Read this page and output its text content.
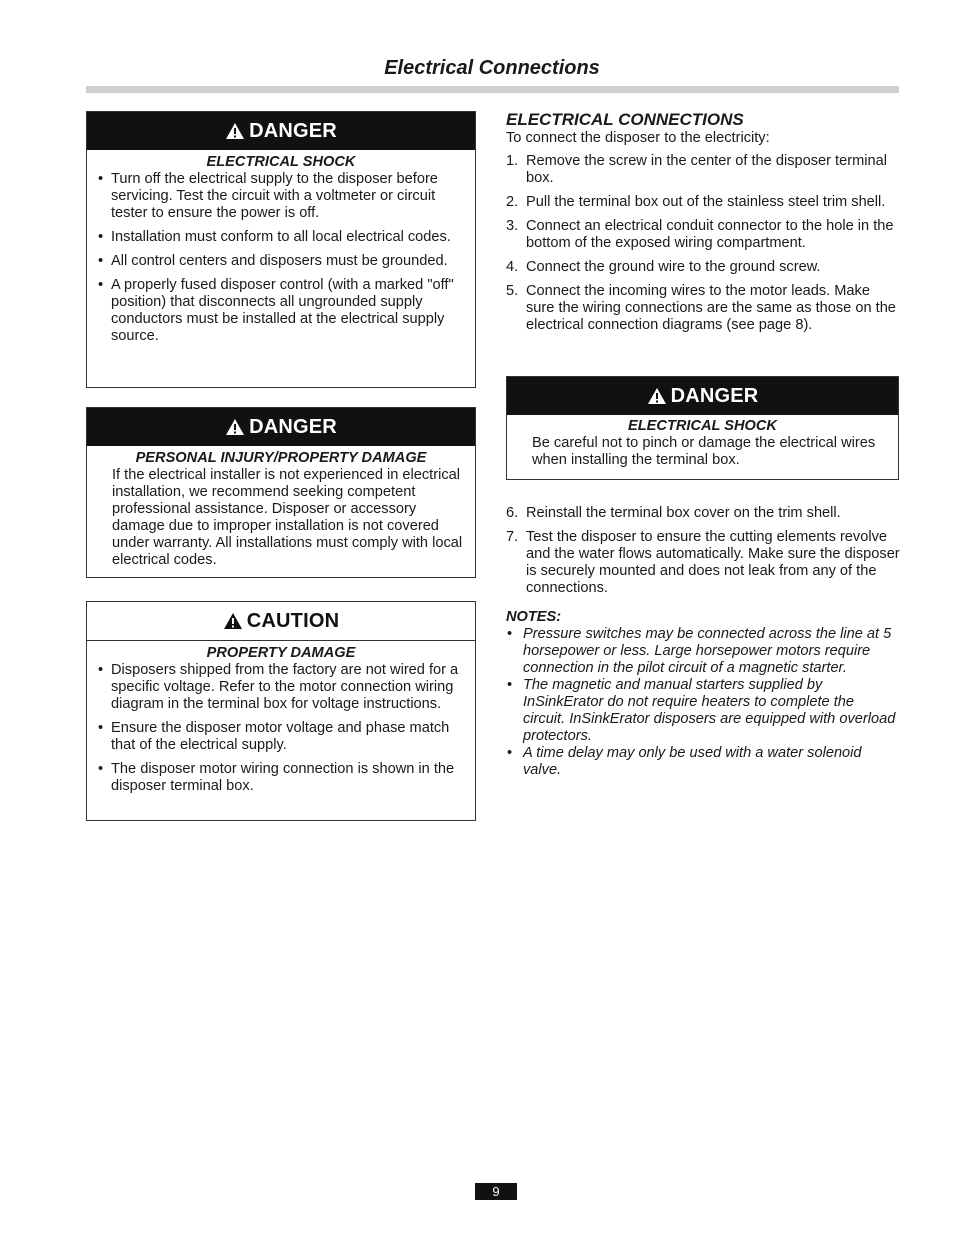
Electrical Connections
DANGER
ELECTRICAL SHOCK
• Turn off the electrical supply to the disposer before servicing. Test the circuit with a voltmeter or circuit tester to ensure the power is off.
• Installation must conform to all local electrical codes.
• All control centers and disposers must be grounded.
• A properly fused disposer control (with a marked "off" position) that disconnects all ungrounded supply conductors must be installed at the electrical supply source.
DANGER
PERSONAL INJURY/PROPERTY DAMAGE
If the electrical installer is not experienced in electrical installation, we recommend seeking competent professional assistance. Disposer or accessory damage due to improper installation is not covered under warranty. All installations must comply with local electrical codes.
CAUTION
PROPERTY DAMAGE
• Disposers shipped from the factory are not wired for a specific voltage. Refer to the motor connection wiring diagram in the terminal box for voltage instructions.
• Ensure the disposer motor voltage and phase match that of the electrical supply.
• The disposer motor wiring connection is shown in the disposer terminal box.
ELECTRICAL CONNECTIONS
To connect the disposer to the electricity:
1. Remove the screw in the center of the disposer terminal box.
2. Pull the terminal box out of the stainless steel trim shell.
3. Connect an electrical conduit connector to the hole in the bottom of the exposed wiring compartment.
4. Connect the ground wire to the ground screw.
5. Connect the incoming wires to the motor leads. Make sure the wiring connections are the same as those on the electrical connection diagrams (see page 8).
DANGER
ELECTRICAL SHOCK
Be careful not to pinch or damage the electrical wires when installing the terminal box.
6. Reinstall the terminal box cover on the trim shell.
7. Test the disposer to ensure the cutting elements revolve and the water flows automatically. Make sure the disposer is securely mounted and does not leak from any of the connections.
NOTES:
• Pressure switches may be connected across the line at 5 horsepower or less. Large horsepower motors require connection in the pilot circuit of a magnetic starter.
• The magnetic and manual starters supplied by InSinkErator do not require heaters to complete the circuit. InSinkErator disposers are equipped with overload protectors.
• A time delay may only be used with a water solenoid valve.
9
